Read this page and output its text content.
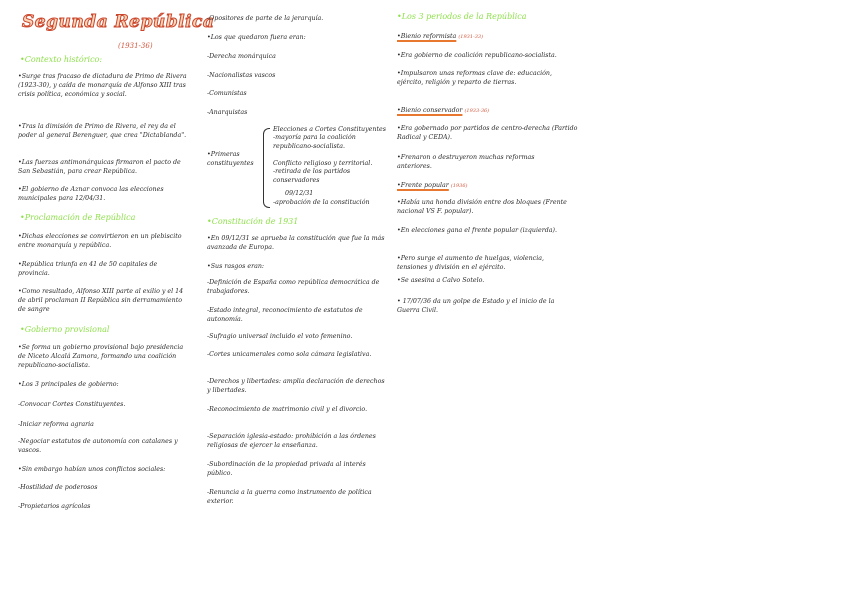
Segunda República
(1931-36)
•Contexto histórico:
•Surge tras fracaso de dictadura de Primo de Rivera (1923-30), y caída de monarquía de Alfonso XIII tras crisis política, económica y social.
•Tras la dimisión de Primo de Rivera, el rey da el poder al general Berenguer, que crea "Dictablanda".
•Las fuerzas antimonárquicas firmaron el pacto de San Sebastián, para crear República.
•El gobierno de Aznar convoca las elecciones municipales para 12/04/31.
•Proclamación de República
•Dichas elecciones se convirtieron en un plebiscito entre monarquía y república.
•República triunfa en 41 de 50 capitales de provincia.
•Como resultado, Alfonso XIII parte al exilio y el 14 de abril proclaman II República sin derramamiento de sangre
•Gobierno provisional
•Se forma un gobierno provisional bajo presidencia de Niceto Alcalá Zamora, formando una coalición republicano-socialista.
•Los 3 principales de gobierno:
-Convocar Cortes Constituyentes.
-Iniciar reforma agraria
-Negociar estatutos de autonomía con catalanes y vascos.
•Sin embargo habían unos conflictos sociales:
-Hostilidad de poderosos
-Propietarios agrícolas
-Opositores de parte de la jerarquía.
•Los que quedaron fuera eran:
-Derecha monárquica
-Nacionalistas vascos
-Comunistas
-Anarquistas
•Primeras constituyentes
Elecciones a Cortes Constituyentes
-mayoría para la coalición republicano-socialista.
Conflicto religioso y territorial.
-retirada de los partidos conservadores
09/12/31
-aprobación de la constitución
•Constitución de 1931
•En 09/12/31 se aprueba la constitución que fue la más avanzada de Europa.
•Sus rasgos eran:
-Definición de España como república democrática de trabajadores.
-Estado integral, reconocimiento de estatutos de autonomía.
-Sufragio universal incluido el voto femenino.
-Cortes unicamerales como sola cámara legislativa.
-Derechos y libertades: amplia declaración de derechos y libertades.
-Reconocimiento de matrimonio civil y el divorcio.
-Separación iglesia-estado: prohibición a las órdenes religiosas de ejercer la enseñanza.
-Subordinación de la propiedad privada al interés público.
-Renuncia a la guerra como instrumento de política exterior.
•Los 3 periodos de la República
•Bienio reformista (1931-33)
•Era gobierno de coalición republicano-socialista.
•Impulsaron unas reformas clave de: educación, ejército, religión y reparto de tierras.
•Bienio conservador (1933-36)
•Era gobernado por partidos de centro-derecha (Partido Radical y CEDA).
•Frenaron o destruyeron muchas reformas anteriores.
•Frente popular (1936)
•Había una honda división entre dos bloques (Frente nacional VS F. popular).
•En elecciones gana el frente popular (izquierda).
•Pero surge el aumento de huelgas, violencia, tensiones y división en el ejército.
•Se asesina a Calvo Sotelo.
• 17/07/36 da un golpe de Estado y el inicio de la Guerra Civil.
